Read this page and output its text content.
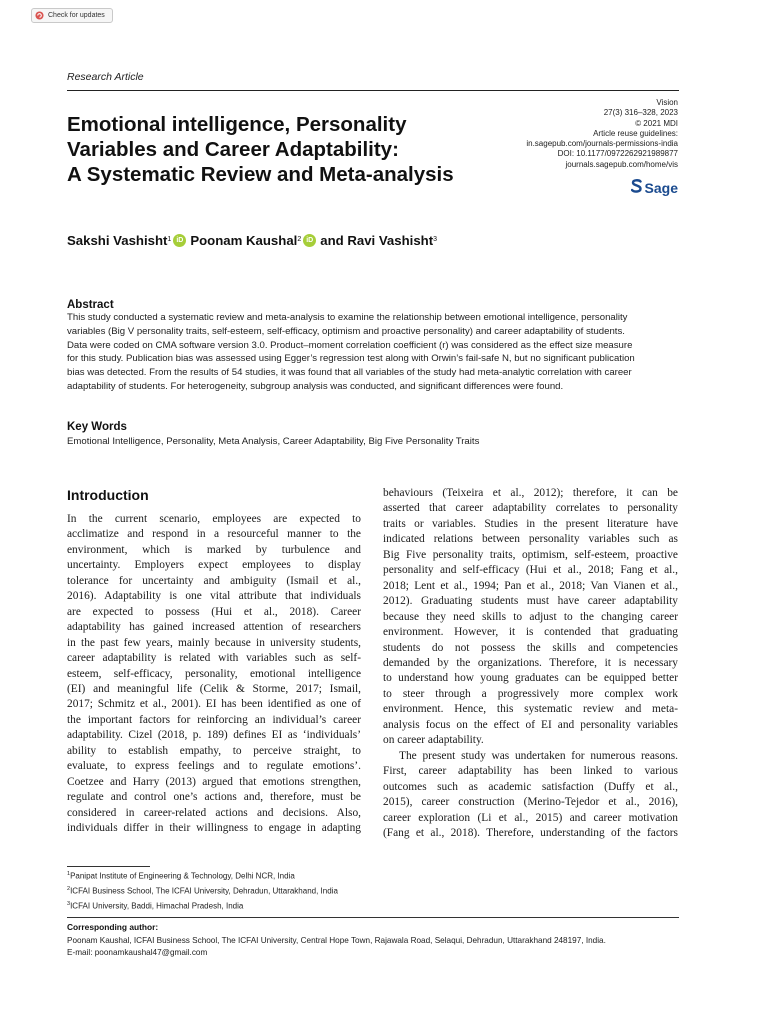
Check for updates
Research Article
Emotional intelligence, Personality
Variables and Career Adaptability:
A Systematic Review and Meta-analysis
Vision
27(3) 316–328, 2023
© 2021 MDI
Article reuse guidelines:
in.sagepub.com/journals-permissions-india
DOI: 10.1177/0972262921989877
journals.sagepub.com/home/vis
Sage
Sakshi Vashisht$^1$ iD Poonam Kaushal$^2$ iD and Ravi Vashisht$^3$
Abstract

This study conducted a systematic review and meta-analysis to examine the relationship between emotional intelligence, personality
variables (Big V personality traits, self-esteem, self-efficacy, optimism and proactive personality) and career adaptability of students.
Data were coded on CMA software version 3.0. Product–moment correlation coefficient (r) was considered as the effect size measure
for this study. Publication bias was assessed using Egger’s regression test along with Orwin’s fail-safe N, but no significant publication
bias was detected. From the results of 54 studies, it was found that all variables of the study had meta-analytic correlation with career
adaptability of students. For heterogeneity, subgroup analysis was conducted, and significant differences were found.

Key Words
Emotional Intelligence, Personality, Meta Analysis, Career Adaptability, Big Five Personality Traits
Introduction
In the current scenario, employees are expected to
acclimatize and respond in a resourceful manner to the
environment, which is marked by turbulence and
uncertainty. Employers expect employees to display
tolerance for uncertainty and ambiguity (Ismail et al.,
2016). Adaptability is one vital attribute that individuals
are expected to possess (Hui et al., 2018). Career
adaptability has gained increased attention of researchers
in the past few years, mainly because in university students,
career adaptability is related with variables such as self-
esteem, self-efficacy, personality, emotional intelligence
(EI) and meaningful life (Celik & Storme, 2017; Ismail,
2017; Schmitz et al., 2001). EI has been identified as one of
the important factors for reinforcing an individual’s career
adaptability. Cizel (2018, p. 189) defines EI as ‘individuals’
ability to establish empathy, to perceive straight, to
evaluate, to express feelings and to regulate emotions’.
Coetzee and Harry (2013) argued that emotions strengthen,
regulate and control one’s actions and, therefore, must be
considered in career-related actions and decisions. Also,
individuals differ in their willingness to engage in adapting
behaviours (Teixeira et al., 2012); therefore, it can be
asserted that career adaptability correlates to personality
traits or variables. Studies in the present literature have
indicated relations between personality variables such as
Big Five personality traits, optimism, self-esteem, proactive
personality and self-efficacy (Hui et al., 2018; Fang et al.,
2018; Lent et al., 1994; Pan et al., 2018; Van Vianen et al.,
2012). Graduating students must have career adaptability
because they need skills to adjust to the changing career
environment. However, it is contended that graduating
students do not possess the skills and competencies
demanded by the organizations. Therefore, it is necessary
to understand how young graduates can be equipped better
to steer through a progressively more complex work
environment. Hence, this systematic review and meta-
analysis focus on the effect of EI and personality variables
on career adaptability.
The present study was undertaken for numerous reasons.
First, career adaptability has been linked to various
outcomes such as academic satisfaction (Duffy et al.,
2015), career construction (Merino-Tejedor et al., 2016),
career exploration (Li et al., 2015) and career motivation
(Fang et al., 2018). Therefore, understanding of the factors
$^1$Panipat Institute of Engineering & Technology, Delhi NCR, India
$^2$ICFAI Business School, The ICFAI University, Dehradun, Uttarakhand, India
$^3$ICFAI University, Baddi, Himachal Pradesh, India
Corresponding author:
Poonam Kaushal, ICFAI Business School, The ICFAI University, Central Hope Town, Rajawala Road, Selaqui, Dehradun, Uttarakhand 248197, India.
E-mail: poonamkaushal47@gmail.com
